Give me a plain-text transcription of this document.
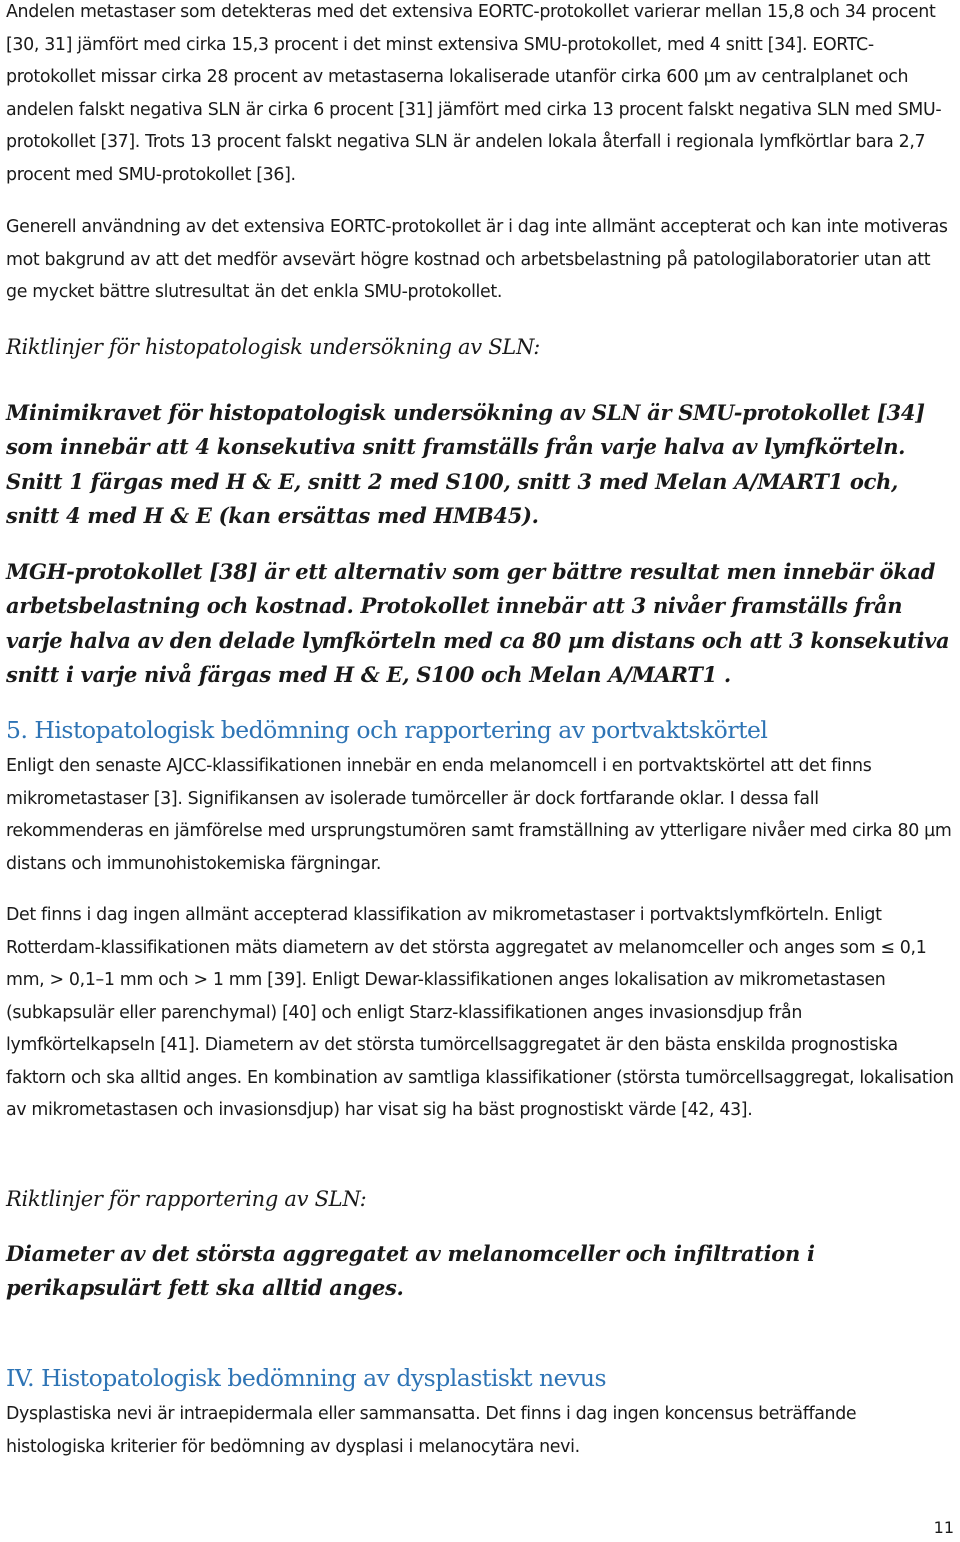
Andelen metastaser som detekteras med det extensiva EORTC-protokollet varierar mellan 15,8 och 34 procent [30, 31] jämfört med cirka 15,3 procent i det minst extensiva SMU-protokollet, med 4 snitt [34]. EORTC-protokollet missar cirka 28 procent av metastaserna lokaliserade utanför cirka 600 µm av centralplanet och andelen falskt negativa SLN är cirka 6 procent [31] jämfört med cirka 13 procent falskt negativa SLN med SMU-protokollet [37]. Trots 13 procent falskt negativa SLN är andelen lokala återfall i regionala lymfkörtlar bara 2,7 procent med SMU-protokollet [36].

Generell användning av det extensiva EORTC-protokollet är i dag inte allmänt accepterat och kan inte motiveras mot bakgrund av att det medför avsevärt högre kostnad och arbetsbelastning på patologilaboratorier utan att ge mycket bättre slutresultat än det enkla SMU-protokollet.

Riktlinjer för histopatologisk undersökning av SLN:

Minimikravet för histopatologisk undersökning av SLN är SMU-protokollet [34] som innebär att 4 konsekutiva snitt framställs från varje halva av lymfkörteln. Snitt 1 färgas med H & E, snitt 2 med S100, snitt 3 med Melan A/MART1 och, snitt 4 med H & E (kan ersättas med HMB45).

MGH-protokollet [38] är ett alternativ som ger bättre resultat men innebär ökad arbetsbelastning och kostnad. Protokollet innebär att 3 nivåer framställs från varje halva av den delade lymfkörteln med ca 80 µm distans och att 3 konsekutiva snitt i varje nivå färgas med H & E, S100 och Melan A/MART1 .

5. Histopatologisk bedömning och rapportering av portvaktskörtel

Enligt den senaste AJCC-klassifikationen innebär en enda melanomcell i en portvaktskörtel att det finns mikrometastaser [3]. Signifikansen av isolerade tumörceller är dock fortfarande oklar. I dessa fall rekommenderas en jämförelse med ursprungstumören samt framställning av ytterligare nivåer med cirka 80 µm distans och immunohistokemiska färgningar.

Det finns i dag ingen allmänt accepterad klassifikation av mikrometastaser i portvaktslymfkörteln. Enligt Rotterdam-klassifikationen mäts diametern av det största aggregatet av melanomceller och anges som ≤ 0,1 mm, > 0,1–1 mm och > 1 mm [39]. Enligt Dewar-klassifikationen anges lokalisation av mikrometastasen (subkapsulär eller parenchymal) [40] och enligt Starz-klassifikationen anges invasionsdjup från lymfkörtelkapseln [41]. Diametern av det största tumörcellsaggregatet är den bästa enskilda prognostiska faktorn och ska alltid anges. En kombination av samtliga klassifikationer (största tumörcellsaggregat, lokalisation av mikrometastasen och invasionsdjup) har visat sig ha bäst prognostiskt värde [42, 43].

Riktlinjer för rapportering av SLN:

Diameter av det största aggregatet av melanomceller och infiltration i perikapsulärt fett ska alltid anges.

IV. Histopatologisk bedömning av dysplastiskt nevus

Dysplastiska nevi är intraepidermala eller sammansatta. Det finns i dag ingen koncensus beträffande histologiska kriterier för bedömning av dysplasi i melanocytära nevi.

11
